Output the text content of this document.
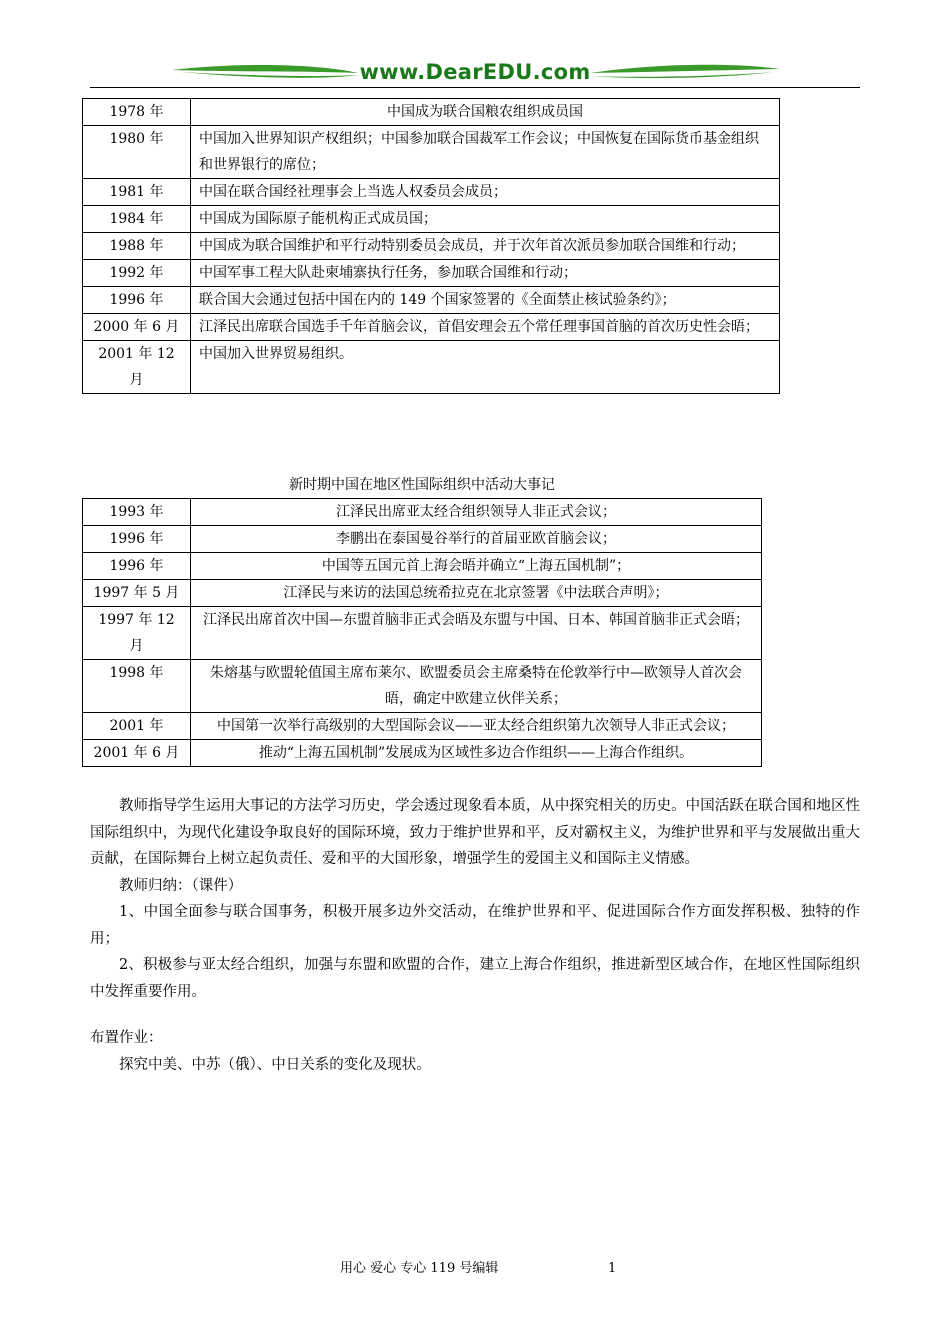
www.DearEDU.com
1978 年	中国成为联合国粮农组织成员国
1980 年	中国加入世界知识产权组织；中国参加联合国裁军工作会议；中国恢复在国际货币基金组织和世界银行的席位；
1981 年	中国在联合国经社理事会上当选人权委员会成员；
1984 年	中国成为国际原子能机构正式成员国；
1988 年	中国成为联合国维护和平行动特别委员会成员，并于次年首次派员参加联合国维和行动；
1992 年	中国军事工程大队赴柬埔寨执行任务，参加联合国维和行动；
1996 年	联合国大会通过包括中国在内的 149 个国家签署的《全面禁止核试验条约》；
2000 年 6 月	江泽民出席联合国选手千年首脑会议，首倡安理会五个常任理事国首脑的首次历史性会晤；
2001 年 12 月	中国加入世界贸易组织。
新时期中国在地区性国际组织中活动大事记
1993 年	江泽民出席亚太经合组织领导人非正式会议；
1996 年	李鹏出在泰国曼谷举行的首届亚欧首脑会议；
1996 年	中国等五国元首上海会晤并确立“上海五国机制”；
1997 年 5 月	江泽民与来访的法国总统希拉克在北京签署《中法联合声明》；
1997 年 12 月	江泽民出席首次中国—东盟首脑非正式会晤及东盟与中国、日本、韩国首脑非正式会晤；
1998 年	朱熔基与欧盟轮值国主席布莱尔、欧盟委员会主席桑特在伦敦举行中—欧领导人首次会晤，确定中欧建立伙伴关系；
2001 年	中国第一次举行高级别的大型国际会议——亚太经合组织第九次领导人非正式会议；
2001 年 6 月	推动“上海五国机制”发展成为区域性多边合作组织——上海合作组织。

教师指导学生运用大事记的方法学习历史，学会透过现象看本质，从中探究相关的历史。中国活跃在联合国和地区性国际组织中，为现代化建设争取良好的国际环境，致力于维护世界和平，反对霸权主义，为维护世界和平与发展做出重大贡献，在国际舞台上树立起负责任、爱和平的大国形象，增强学生的爱国主义和国际主义情感。

教师归纳：（课件）

1、中国全面参与联合国事务，积极开展多边外交活动，在维护世界和平、促进国际合作方面发挥积极、独特的作用；

2、积极参与亚太经合组织，加强与东盟和欧盟的合作，建立上海合作组织，推进新型区域合作，在地区性国际组织中发挥重要作用。

布置作业：

探究中美、中苏（俄）、中日关系的变化及现状。

用心 爱心 专心 119 号编辑	1
